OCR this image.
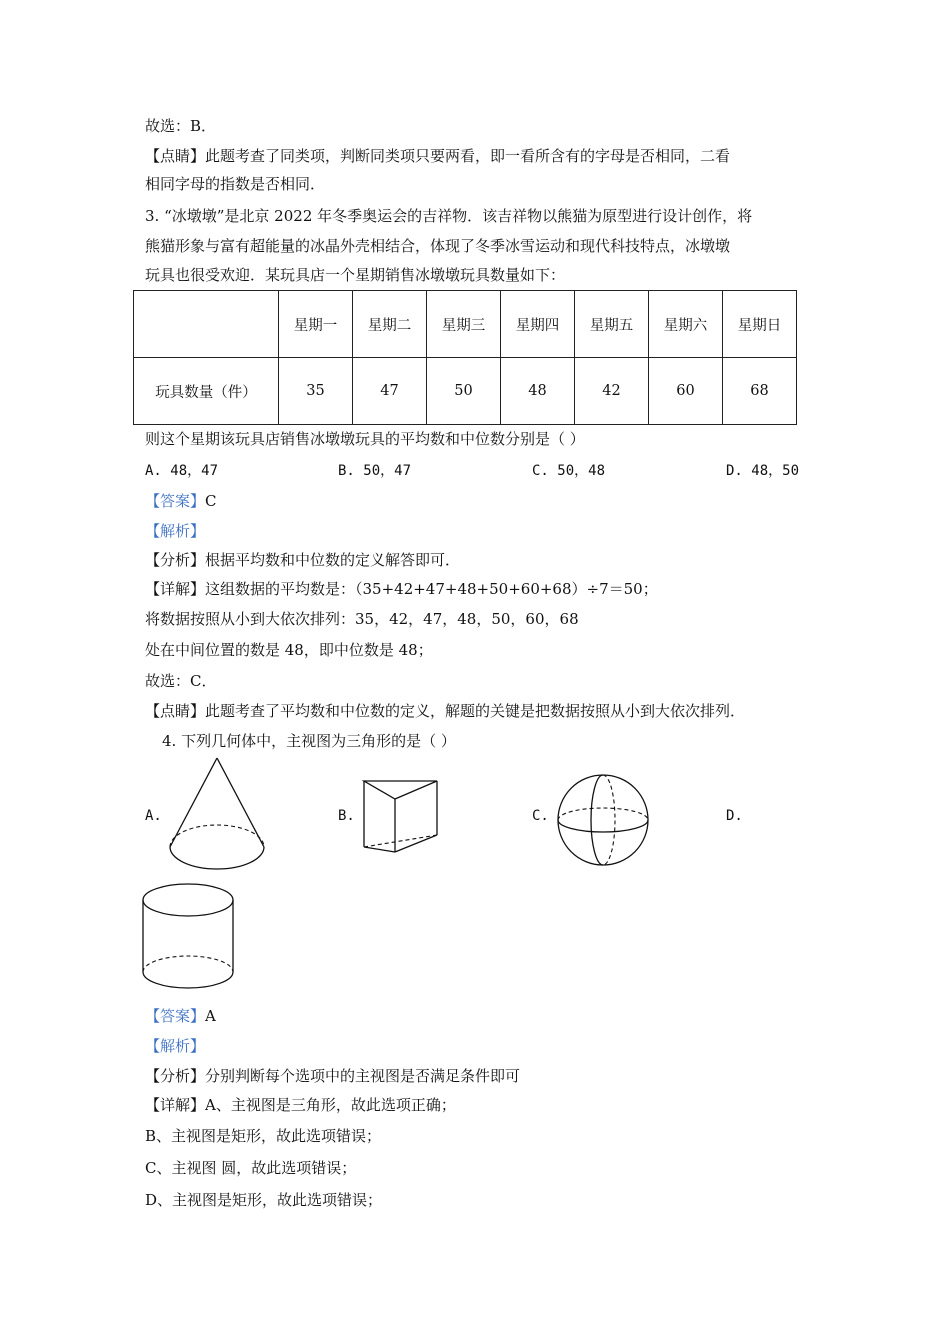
故选：B．
【点睛】此题考查了同类项，判断同类项只要两看，即一看所含有的字母是否相同，二看
相同字母的指数是否相同．
3. “冰墩墩”是北京 2022 年冬季奥运会的吉祥物．该吉祥物以熊猫为原型进行设计创作，将
熊猫形象与富有超能量的冰晶外壳相结合，体现了冬季冰雪运动和现代科技特点，冰墩墩
玩具也很受欢迎．某玩具店一个星期销售冰墩墩玩具数量如下：
	星期一	星期二	星期三	星期四	星期五	星期六	星期日
玩具数量（件）	35	47	50	48	42	60	68
则这个星期该玩具店销售冰墩墩玩具的平均数和中位数分别是（ ）
A. 48，47	B. 50，47	C. 50，48	D. 48，50
【答案】C
【解析】
【分析】根据平均数和中位数的定义解答即可．
【详解】这组数据的平均数是：（35+42+47+48+50+60+68）÷7＝50；
将数据按照从小到大依次排列：35，42，47，48，50，60，68
处在中间位置的数是 48，即中位数是 48；
故选：C．
【点睛】此题考查了平均数和中位数的定义，解题的关键是把数据按照从小到大依次排列．
4. 下列几何体中，主视图为三角形的是（ ）
A.	B.	C.	D.
【答案】A
【解析】
【分析】分别判断每个选项中的主视图是否满足条件即可
【详解】A、主视图是三角形，故此选项正确；
B、主视图是矩形，故此选项错误；
C、主视图 圆，故此选项错误；
D、主视图是矩形，故此选项错误；
